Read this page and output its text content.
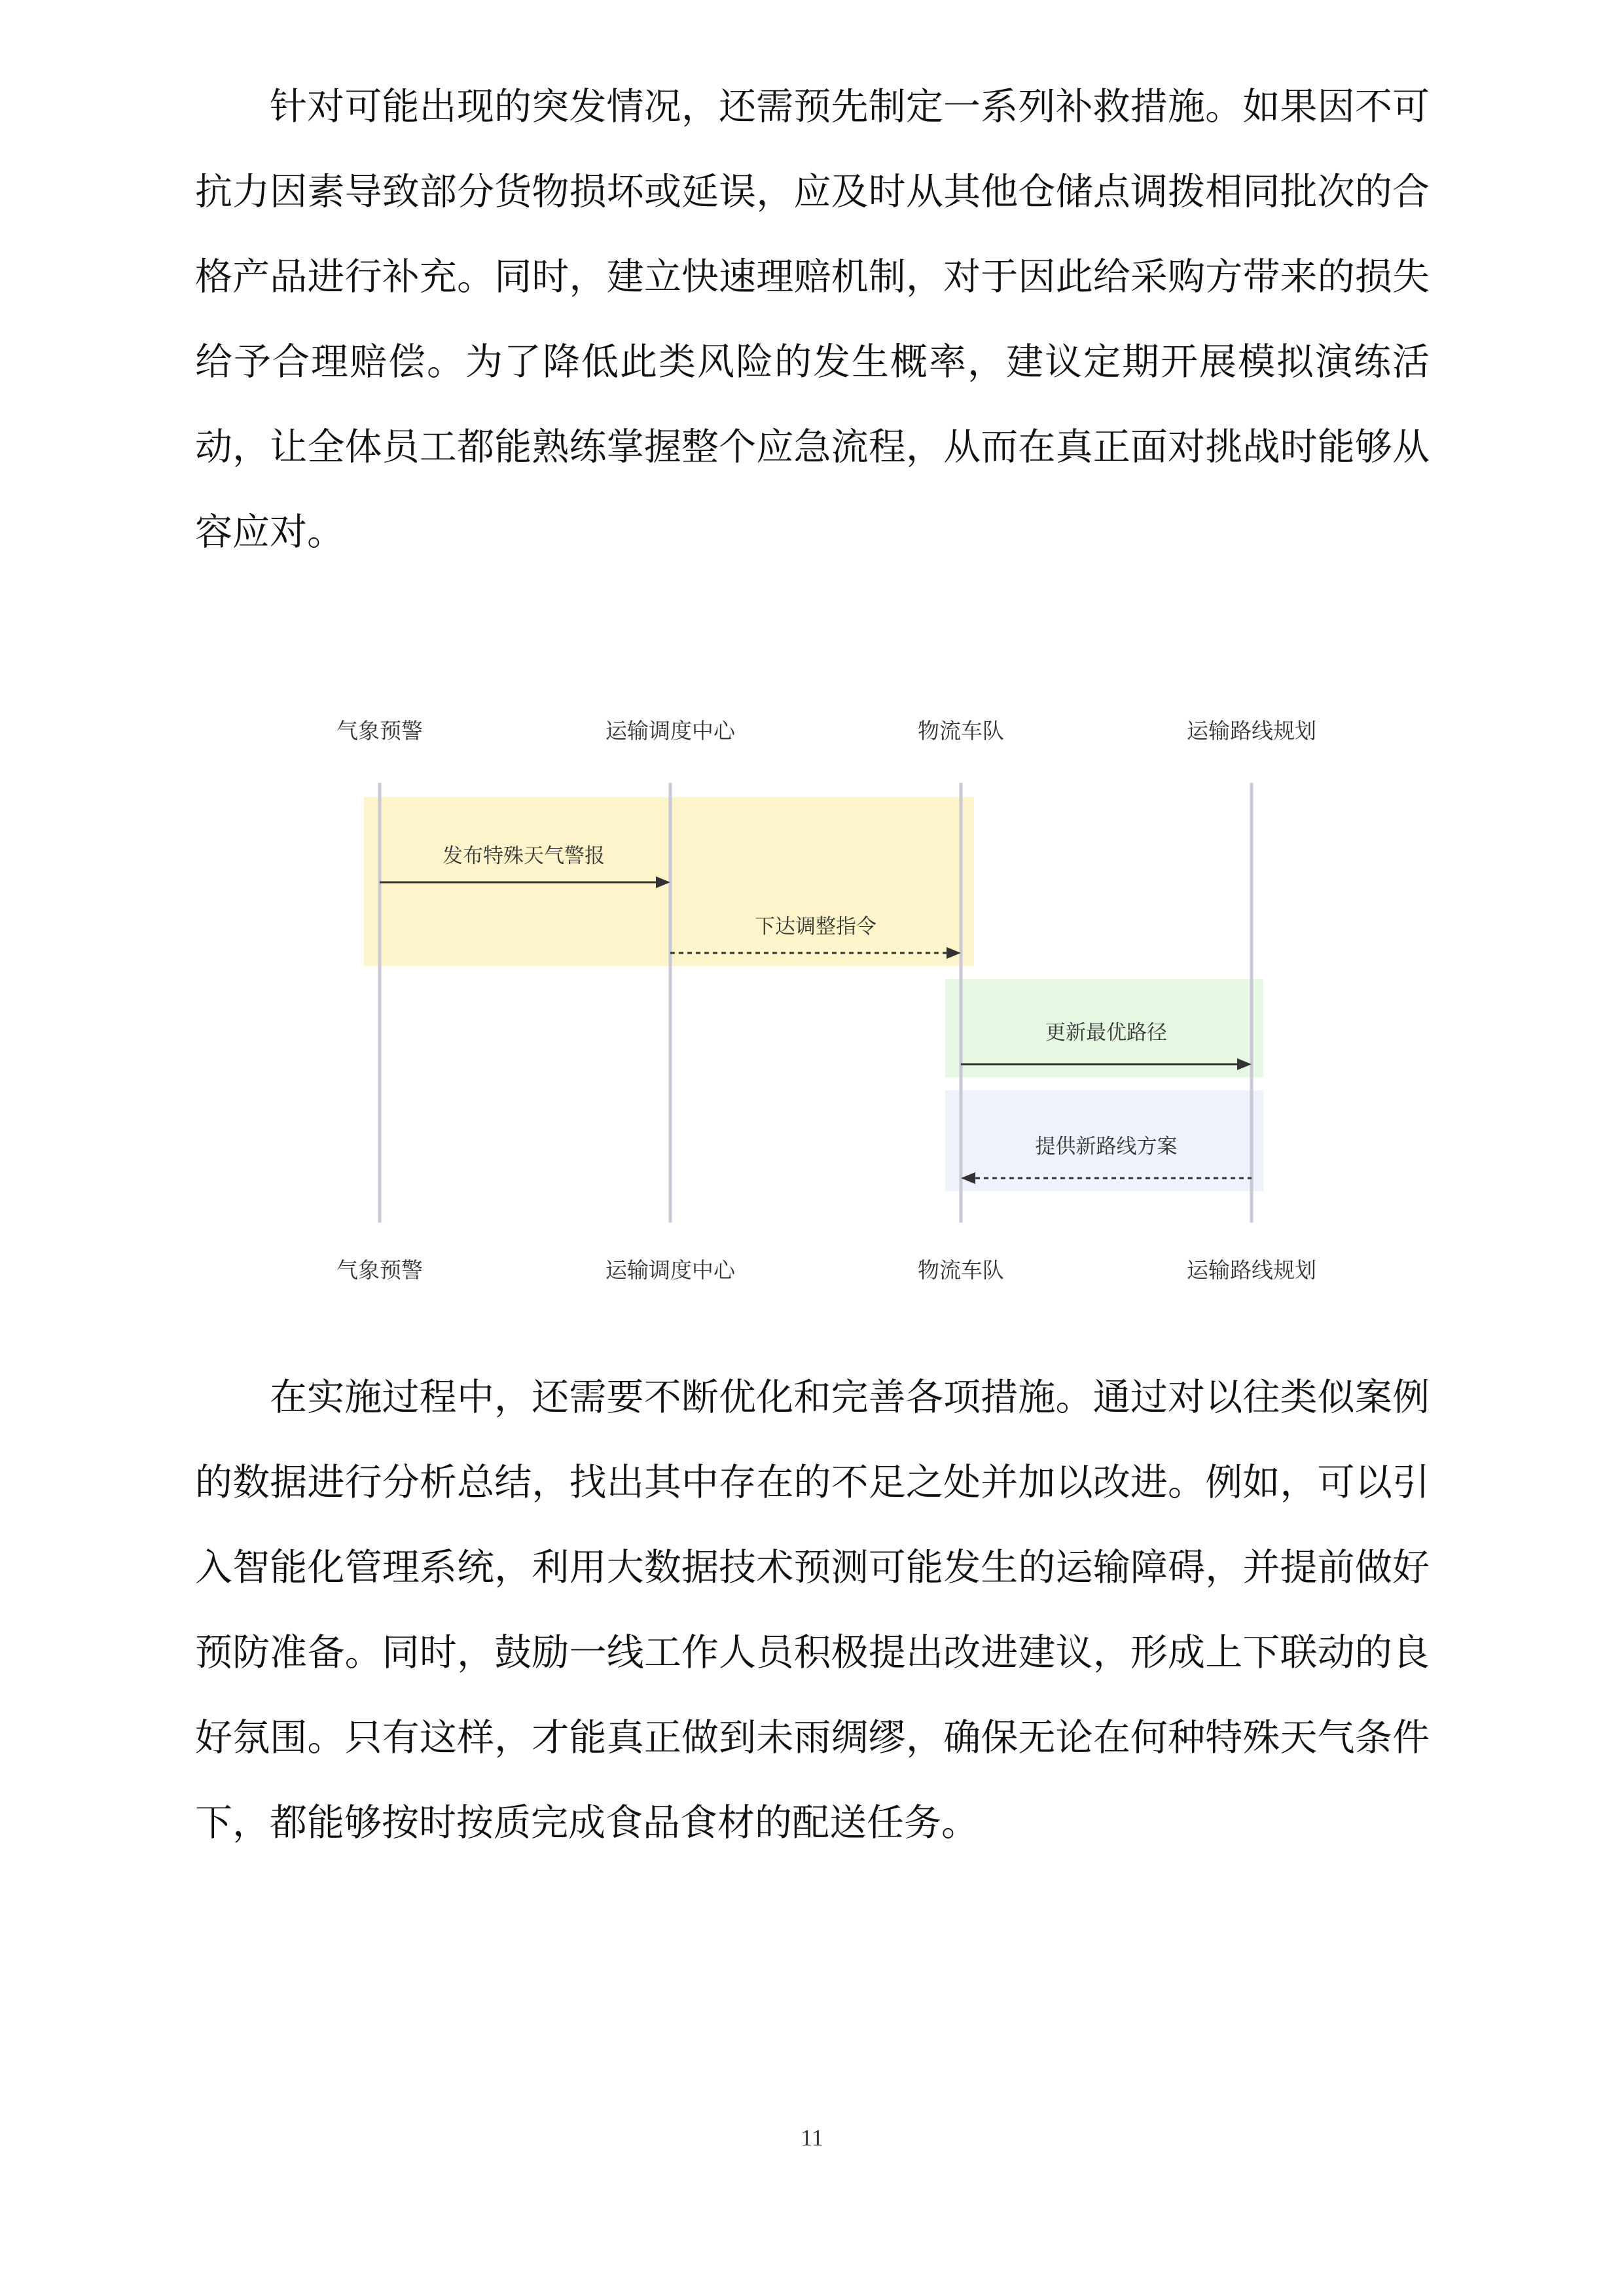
针对可能出现的突发情况，还需预先制定一系列补救措施。如果因不可抗力因素导致部分货物损坏或延误，应及时从其他仓储点调拨相同批次的合格产品进行补充。同时，建立快速理赔机制，对于因此给采购方带来的损失给予合理赔偿。为了降低此类风险的发生概率，建议定期开展模拟演练活动，让全体员工都能熟练掌握整个应急流程，从而在真正面对挑战时能够从容应对。

气象预警	运输调度中心	物流车队	运输路线规划
气象预警	运输调度中心	物流车队	运输路线规划
发布特殊天气警报
下达调整指令
更新最优路径
提供新路线方案

在实施过程中，还需要不断优化和完善各项措施。通过对以往类似案例的数据进行分析总结，找出其中存在的不足之处并加以改进。例如，可以引入智能化管理系统，利用大数据技术预测可能发生的运输障碍，并提前做好预防准备。同时，鼓励一线工作人员积极提出改进建议，形成上下联动的良好氛围。只有这样，才能真正做到未雨绸缪，确保无论在何种特殊天气条件下，都能够按时按质完成食品食材的配送任务。

11
